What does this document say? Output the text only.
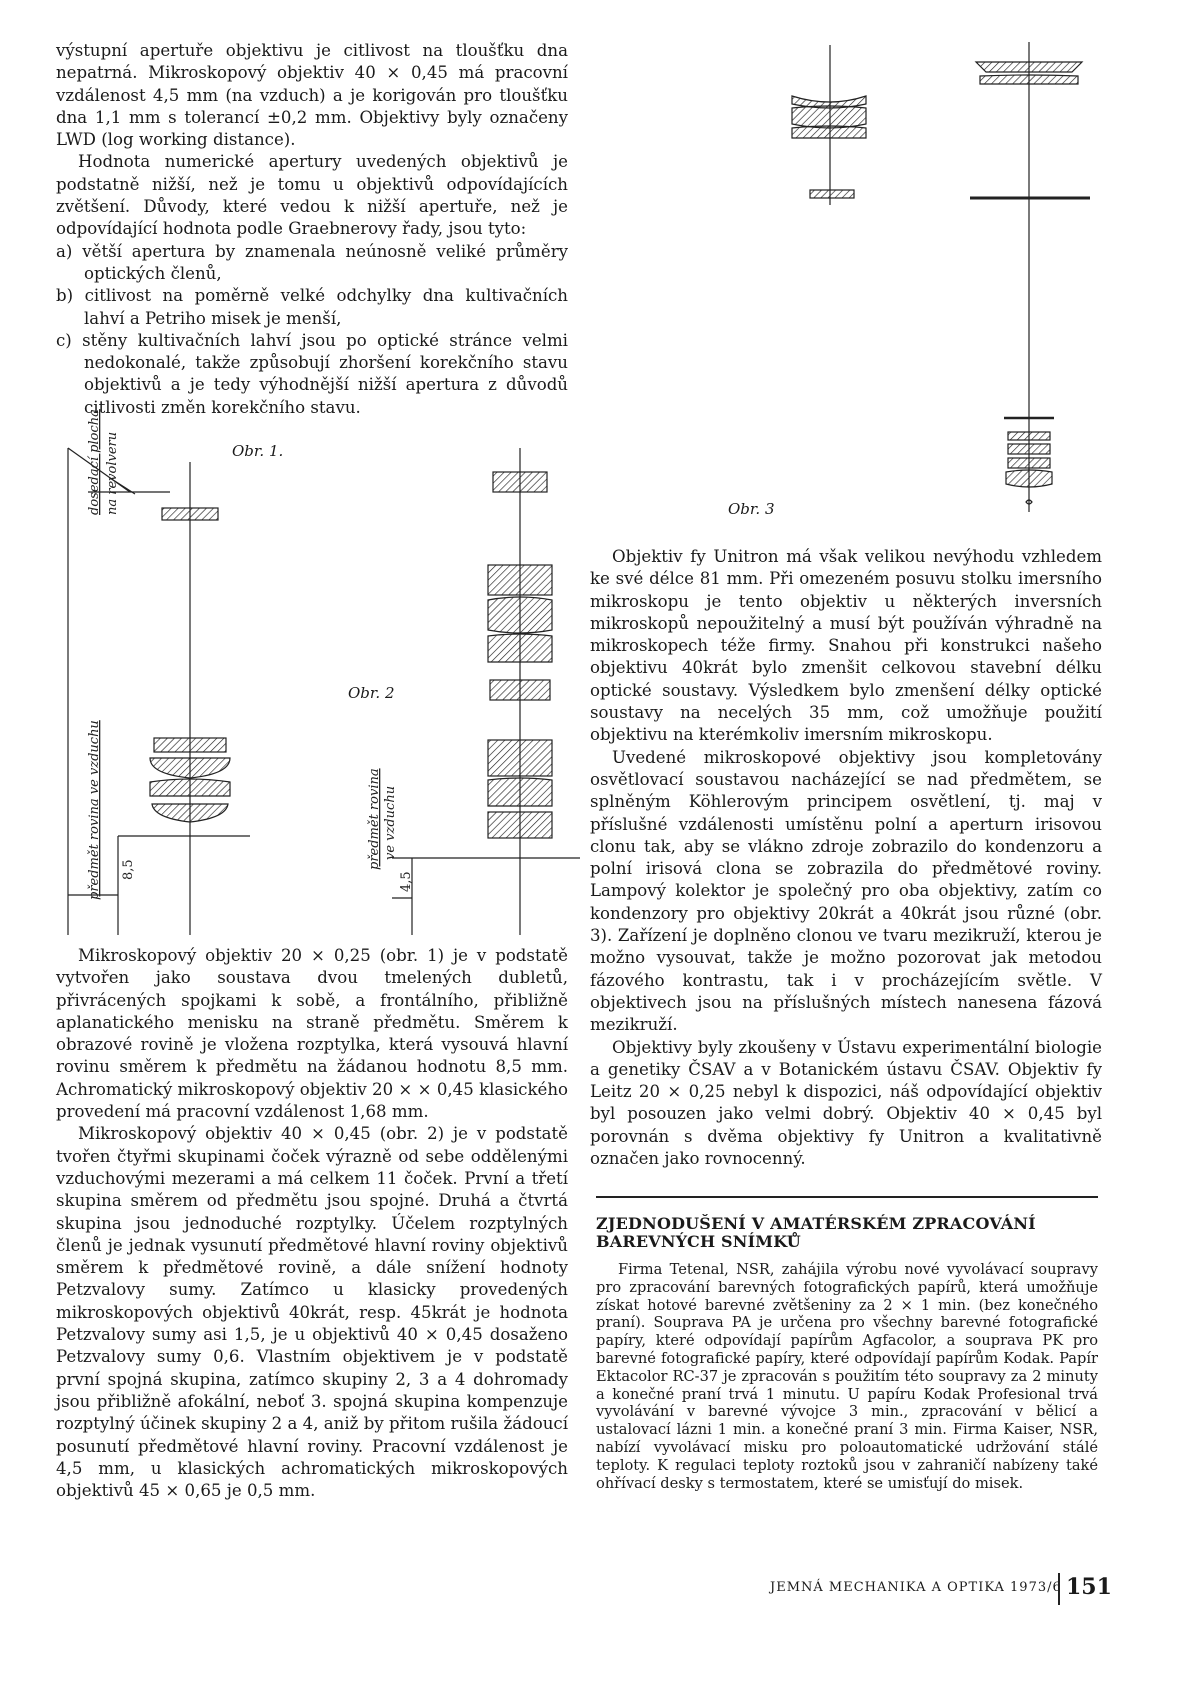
výstupní apertuře objektivu je citlivost na tloušťku dna nepatrná. Mikroskopový objektiv 40 × 0,45 má pracovní vzdálenost 4,5 mm (na vzduch) a je korigován pro tloušťku dna 1,1 mm s tolerancí ±0,2 mm. Objektivy byly označeny LWD (log working distance).

Hodnota numerické apertury uvedených objektivů je podstatně nižší, než je tomu u objektivů odpovídajících zvětšení. Důvody, které vedou k nižší apertuře, než je odpovídající hodnota podle Graebnerovy řady, jsou tyto:

a) větší apertura by znamenala neúnosně veliké průměry optických členů,

b) citlivost na poměrně velké odchylky dna kultivačních lahví a Petriho misek je menší,

c) stěny kultivačních lahví jsou po optické stránce velmi nedokonalé, takže způsobují zhoršení korekčního stavu objektivů a je tedy výhodnější nižší apertura z důvodů citlivosti změn korekčního stavu.

dosedací plocha na revolveru
předmět rovina ve vzduchu 8,5	předmět rovina ve vzduchu
4,5
Obr. 1.
Obr. 2
Obr. 3

Mikroskopový objektiv 20 × 0,25 (obr. 1) je v podstatě vytvořen jako soustava dvou tmelených dubletů, přivrácených spojkami k sobě, a frontálního, přibližně aplanatického menisku na straně předmětu. Směrem k obrazové rovině je vložena rozptylka, která vysouvá hlavní rovinu směrem k předmětu na žádanou hodnotu 8,5 mm. Achromatický mikroskopový objektiv 20 × × 0,45 klasického provedení má pracovní vzdálenost 1,68 mm.

Mikroskopový objektiv 40 × 0,45 (obr. 2) je v podstatě tvořen čtyřmi skupinami čoček výrazně od sebe oddělenými vzduchovými mezerami a má celkem 11 čoček. První a třetí skupina směrem od předmětu jsou spojné. Druhá a čtvrtá skupina jsou jednoduché rozptylky. Účelem rozptylných členů je jednak vysunutí předmětové hlavní roviny objektivů směrem k předmětové rovině, a dále snížení hodnoty Petzvalovy sumy. Zatímco u klasicky provedených mikroskopových objektivů 40krát, resp. 45krát je hodnota Petzvalovy sumy asi 1,5, je u objektivů 40 × 0,45 dosaženo Petzvalovy sumy 0,6. Vlastním objektivem je v podstatě první spojná skupina, zatímco skupiny 2, 3 a 4 dohromady jsou přibližně afokální, neboť 3. spojná skupina kompenzuje rozptylný účinek skupiny 2 a 4, aniž by přitom rušila žádoucí posunutí předmětové hlavní roviny. Pracovní vzdálenost je 4,5 mm, u klasických achromatických mikroskopových objektivů 45 × 0,65 je 0,5 mm.

Objektiv fy Unitron má však velikou nevýhodu vzhledem ke své délce 81 mm. Při omezeném posuvu stolku imersního mikroskopu je tento objektiv u některých inversních mikroskopů nepoužitelný a musí být používán výhradně na mikroskopech téže firmy. Snahou při konstrukci našeho objektivu 40krát bylo zmenšit celkovou stavební délku optické soustavy. Výsledkem bylo zmenšení délky optické soustavy na necelých 35 mm, což umožňuje použití objektivu na kterémkoliv imersním mikroskopu.

Uvedené mikroskopové objektivy jsou kompletovány osvětlovací soustavou nacházející se nad předmětem, se splněným Köhlerovým principem osvětlení, tj. maj v příslušné vzdálenosti umístěnu polní a aperturn irisovou clonu tak, aby se vlákno zdroje zobrazilo do kondenzoru a polní irisová clona se zobrazila do předmětové roviny. Lampový kolektor je společný pro oba objektivy, zatím co kondenzory pro objektivy 20krát a 40krát jsou různé (obr. 3). Zařízení je doplněno clonou ve tvaru mezikruží, kterou je možno vysouvat, takže je možno pozorovat jak metodou fázového kontrastu, tak i v procházejícím světle. V objektivech jsou na příslušných místech nanesena fázová mezikruží.

Objektivy byly zkoušeny v Ústavu experimentální biologie a genetiky ČSAV a v Botanickém ústavu ČSAV. Objektiv fy Leitz 20 × 0,25 nebyl k dispozici, náš odpovídající objektiv byl posouzen jako velmi dobrý. Objektiv 40 × 0,45 byl porovnán s dvěma objektivy fy Unitron a kvalitativně označen jako rovnocenný.

ZJEDNODUŠENÍ V AMATÉRSKÉM ZPRACOVÁNÍ BAREVNÝCH SNÍMKŮ

Firma Tetenal, NSR, zahájila výrobu nové vyvolávací soupravy pro zpracování barevných fotografických papírů, která umožňuje získat hotové barevné zvětšeniny za 2 × 1 min. (bez konečného praní). Souprava PA je určena pro všechny barevné fotografické papíry, které odpovídají papírům Agfacolor, a souprava PK pro barevné fotografické papíry, které odpovídají papírům Kodak. Papír Ektacolor RC-37 je zpracován s použitím této soupravy za 2 minuty a konečné praní trvá 1 minutu. U papíru Kodak Profesional trvá vyvolávání v barevné vývojce 3 min., zpracování v bělicí a ustalovací lázni 1 min. a konečné praní 3 min. Firma Kaiser, NSR, nabízí vyvolávací misku pro poloautomatické udržování stálé teploty. K regulaci teploty roztoků jsou v zahraničí nabízeny také ohřívací desky s termostatem, které se umisťují do misek.

JEMNÁ MECHANIKA A OPTIKA 1973/6 151
